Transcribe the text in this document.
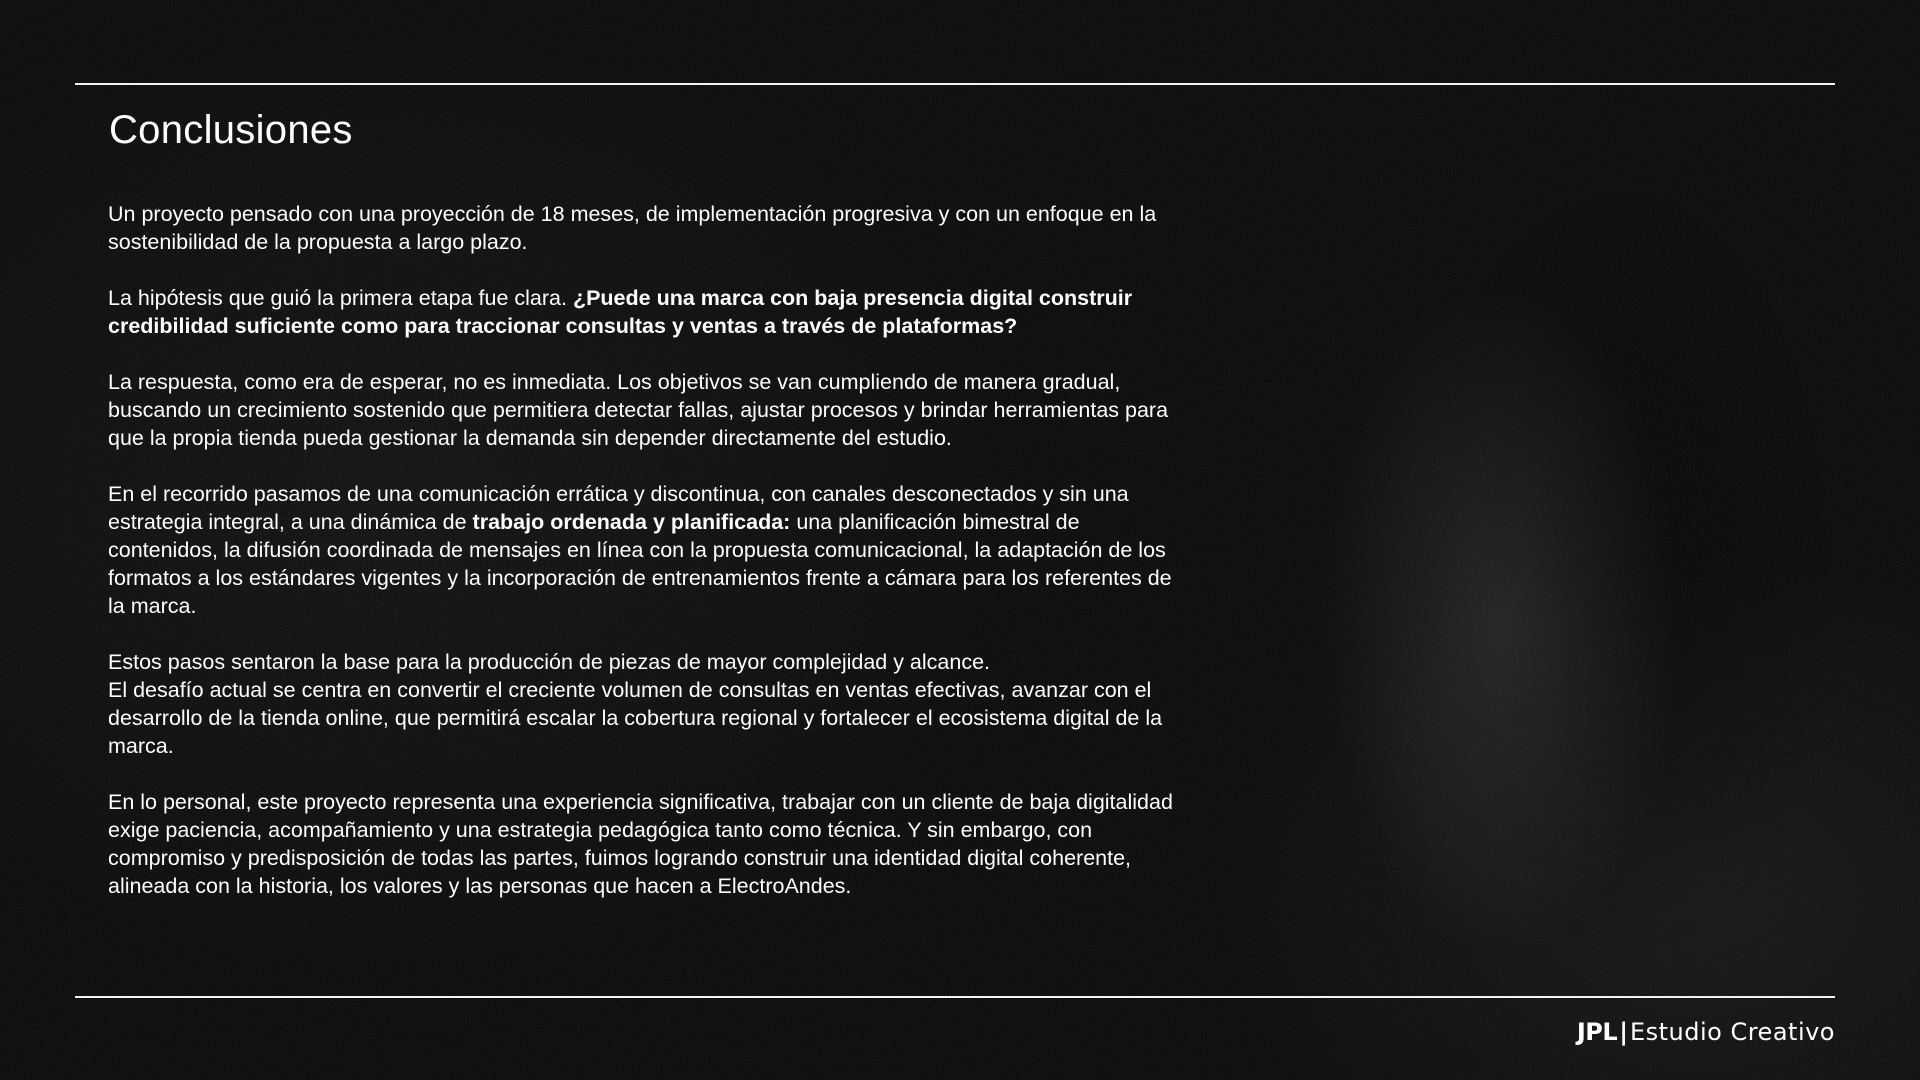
Conclusiones

Un proyecto pensado con una proyección de 18 meses, de implementación progresiva y con un enfoque en la sostenibilidad de la propuesta a largo plazo.

La hipótesis que guió la primera etapa fue clara. ¿Puede una marca con baja presencia digital construir credibilidad suficiente como para traccionar consultas y ventas a través de plataformas?

La respuesta, como era de esperar, no es inmediata. Los objetivos se van cumpliendo de manera gradual, buscando un crecimiento sostenido que permitiera detectar fallas, ajustar procesos y brindar herramientas para que la propia tienda pueda gestionar la demanda sin depender directamente del estudio.

En el recorrido pasamos de una comunicación errática y discontinua, con canales desconectados y sin una estrategia integral, a una dinámica de trabajo ordenada y planificada: una planificación bimestral de contenidos, la difusión coordinada de mensajes en línea con la propuesta comunicacional, la adaptación de los formatos a los estándares vigentes y la incorporación de entrenamientos frente a cámara para los referentes de la marca.

Estos pasos sentaron la base para la producción de piezas de mayor complejidad y alcance.
El desafío actual se centra en convertir el creciente volumen de consultas en ventas efectivas, avanzar con el desarrollo de la tienda online, que permitirá escalar la cobertura regional y fortalecer el ecosistema digital de la marca.

En lo personal, este proyecto representa una experiencia significativa, trabajar con un cliente de baja digitalidad exige paciencia, acompañamiento y una estrategia pedagógica tanto como técnica. Y sin embargo, con compromiso y predisposición de todas las partes, fuimos logrando construir una identidad digital coherente, alineada con la historia, los valores y las personas que hacen a ElectroAndes.

JPL|Estudio Creativo
